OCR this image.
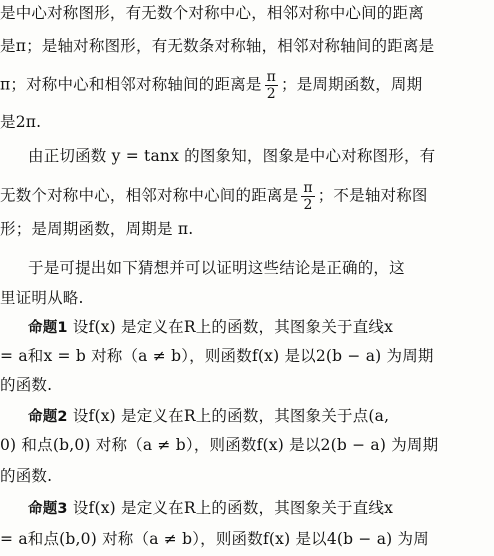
是中心对称图形，有无数个对称中心，相邻对称中心间的距离
是π；是轴对称图形，有无数条对称轴，相邻对称轴间的距离是
π；对称中心和相邻对称轴间的距离是 $\frac{\pi}{2}$ ；是周期函数，周期
是2π.
由正切函数 y = tanx 的图象知，图象是中心对称图形，有
无数个对称中心，相邻对称中心间的距离是 $\frac{\pi}{2}$ ；不是轴对称图
形；是周期函数，周期是 π.
于是可提出如下猜想并可以证明这些结论是正确的，这
里证明从略.
命题1 设f(x) 是定义在R上的函数，其图象关于直线x
= a和x = b 对称（a ≠ b），则函数f(x) 是以2(b − a) 为周期
的函数.
命题2 设f(x) 是定义在R上的函数，其图象关于点(a,
0) 和点(b,0) 对称（a ≠ b），则函数f(x) 是以2(b − a) 为周期
的函数.
命题3 设f(x) 是定义在R上的函数，其图象关于直线x
= a和点(b,0) 对称（a ≠ b），则函数f(x) 是以4(b − a) 为周
